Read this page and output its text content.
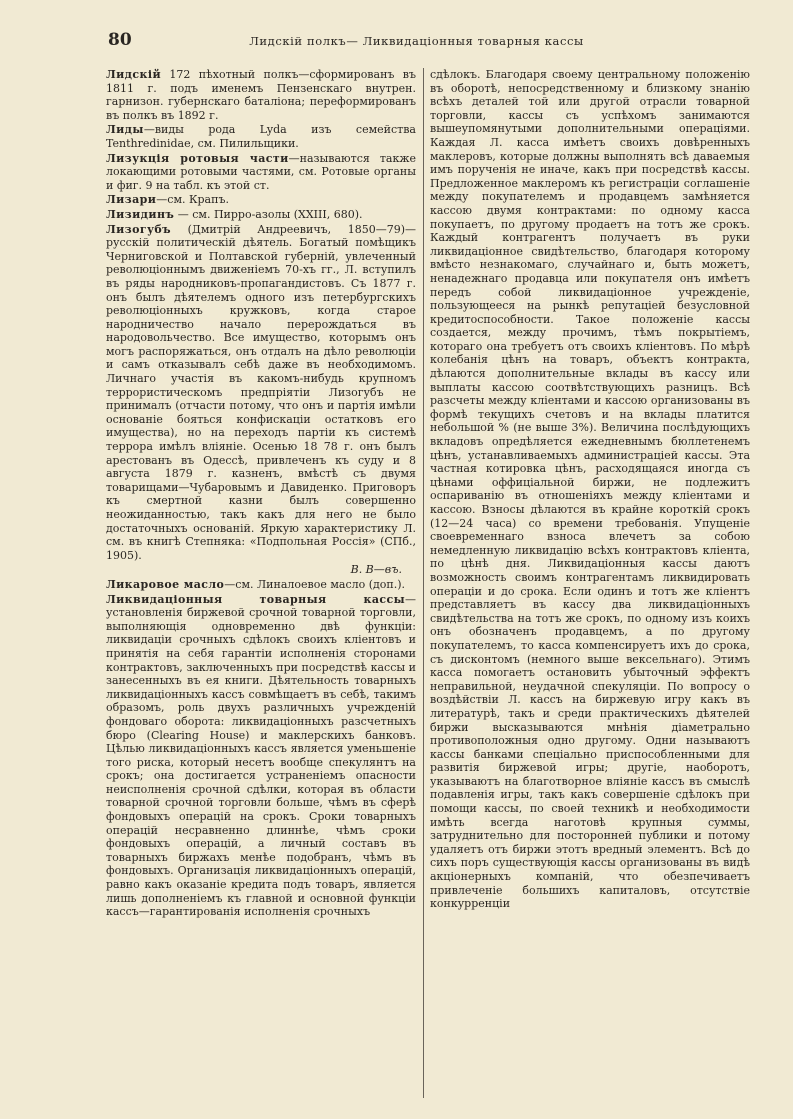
80	Лидскій полкъ— Ликвидаціонныя товарныя кассы

Лидскій 172 пѣхотный полкъ—сформированъ въ 1811 г. подъ именемъ Пензенскаго внутрен. гарнизон. губернскаго баталіона; переформированъ въ полкъ въ 1892 г.

Лиды—виды рода Lyda изъ семейства Tenthredinidae, см. Пилильщики.

Лизукція ротовыя части—называются также локающими ротовыми частями, см. Ротовые органы и фиг. 9 на табл. къ этой ст.

Лизари—см. Крапъ.

Лизидинъ — см. Пирро-азолы (XXIII, 680).

Лизогубъ (Дмитрій Андреевичъ, 1850—79)—русскій политическій дѣятель. Богатый помѣщикъ Черниговской и Полтавской губерній, увлеченный революціоннымъ движеніемъ 70-хъ гг., Л. вступилъ въ ряды народниковъ-пропагандистовъ. Съ 1877 г. онъ былъ дѣятелемъ одного изъ петербургскихъ революціонныхъ кружковъ, когда старое народничество начало перерождаться въ народовольчество. Все имущество, которымъ онъ могъ распоряжаться, онъ отдалъ на дѣло революціи и самъ отказывалъ себѣ даже въ необходимомъ. Личнаго участія въ какомъ-нибудь крупномъ террористическомъ предпріятіи Лизогубъ не принималъ (отчасти потому, что онъ и партія имѣли основаніе бояться конфискаціи остатковъ его имущества), но на переходъ партіи къ системѣ террора имѣлъ вліяніе. Осенью 18 78 г. онъ былъ арестованъ въ Одессѣ, привлеченъ къ суду и 8 августа 1879 г. казненъ, вмѣстѣ съ двумя товарищами—Чубаровымъ и Давиденко. Приговоръ къ смертной казни былъ совершенно неожиданностью, такъ какъ для него не было достаточныхъ основаній. Яркую характеристику Л. см. въ книгѣ Степняка: «Подпольная Россія» (СПб., 1905).

В. В—въ.

Ликаровое масло—см. Линалоевое масло (доп.).

Ликвидаціонныя товарныя кассы—установленія биржевой срочной товарной торговли, выполняющія одновременно двѣ функціи: ликвидаціи срочныхъ сдѣлокъ своихъ кліентовъ и принятія на себя гарантіи исполненія сторонами контрактовъ, заключенныхъ при посредствѣ кассы и занесенныхъ въ ея книги. Дѣятельность товарныхъ ликвидаціонныхъ кассъ совмѣщаетъ въ себѣ, такимъ образомъ, роль двухъ различныхъ учрежденій фондоваго оборота: ликвидаціонныхъ разсчетныхъ бюро (Clearing House) и маклерскихъ банковъ. Цѣлью ликвидаціонныхъ кассъ является уменьшеніе того риска, который несетъ вообще спекулянтъ на срокъ; она достигается устраненіемъ опасности неисполненія срочной сдѣлки, которая въ области товарной срочной торговли больше, чѣмъ въ сферѣ фондовыхъ операцій на срокъ. Сроки товарныхъ операцій несравненно длиннѣе, чѣмъ сроки фондовыхъ операцій, а личный составъ въ товарныхъ биржахъ менѣе подобранъ, чѣмъ въ фондовыхъ. Организація ликвидаціонныхъ операцій, равно какъ оказаніе кредита подъ товаръ, является лишь дополненіемъ къ главной и основной функціи кассъ—гарантированія исполненія срочныхъ

сдѣлокъ. Благодаря своему центральному положенію въ оборотѣ, непосредственному и близкому знанію всѣхъ деталей той или другой отрасли товарной торговли, кассы съ успѣхомъ занимаются вышеупомянутыми дополнительными операціями. Каждая Л. касса имѣетъ своихъ довѣренныхъ маклеровъ, которые должны выполнять всѣ даваемыя имъ порученія не иначе, какъ при посредствѣ кассы. Предложенное маклеромъ къ регистраціи соглашеніе между покупателемъ и продавцемъ замѣняется кассою двумя контрактами: по одному касса покупаетъ, по другому продаетъ на тотъ же срокъ. Каждый контрагентъ получаетъ въ руки ликвидаціонное свидѣтельство, благодаря которому вмѣсто незнакомаго, случайнаго и, быть можетъ, ненадежнаго продавца или покупателя онъ имѣетъ передъ собой ликвидаціонное учрежденіе, пользующееся на рынкѣ репутаціей безусловной кредитоспособности. Такое положеніе кассы создается, между прочимъ, тѣмъ покрытіемъ, котораго она требуетъ отъ своихъ кліентовъ. По мѣрѣ колебанія цѣнъ на товаръ, объектъ контракта, дѣлаются дополнительные вклады въ кассу или выплаты кассою соотвѣтствующихъ разницъ. Всѣ разсчеты между кліентами и кассою организованы въ формѣ текущихъ счетовъ и на вклады платится небольшой % (не выше 3%). Величина послѣдующихъ вкладовъ опредѣляется ежедневнымъ бюллетенемъ цѣнъ, устанавливаемыхъ администраціей кассы. Эта частная котировка цѣнъ, расходящаяся иногда съ цѣнами оффиціальной биржи, не подлежитъ оспариванію въ отношеніяхъ между кліентами и кассою. Взносы дѣлаются въ крайне короткій срокъ (12—24 часа) со времени требованія. Упущеніе своевременнаго взноса влечетъ за собою немедленную ликвидацію всѣхъ контрактовъ кліента, по цѣнѣ дня. Ликвидаціонныя кассы даютъ возможность своимъ контрагентамъ ликвидировать операціи и до срока. Если одинъ и тотъ же кліентъ представляетъ въ кассу два ликвидаціонныхъ свидѣтельства на тотъ же срокъ, по одному изъ коихъ онъ обозначенъ продавцемъ, а по другому покупателемъ, то касса компенсируетъ ихъ до срока, съ дисконтомъ (немного выше вексельнаго). Этимъ касса помогаетъ остановить убыточный эффектъ неправильной, неудачной спекуляціи. По вопросу о воздѣйствіи Л. кассъ на биржевую игру какъ въ литературѣ, такъ и среди практическихъ дѣятелей биржи высказываются мнѣнія діаметрально противоположныя одно другому. Одни называютъ кассы банками спеціально приспособленными для развитія биржевой игры; другіе, наоборотъ, указываютъ на благотворное вліяніе кассъ въ смыслѣ подавленія игры, такъ какъ совершеніе сдѣлокъ при помощи кассы, по своей техникѣ и необходимости имѣть всегда наготовѣ крупныя суммы, затруднительно для посторонней публики и потому удаляетъ отъ биржи этотъ вредный элементъ. Всѣ до сихъ поръ существующія кассы организованы въ видѣ акціонерныхъ компаній, что обезпечиваетъ привлеченіе большихъ капиталовъ, отсутствіе конкурренціи
